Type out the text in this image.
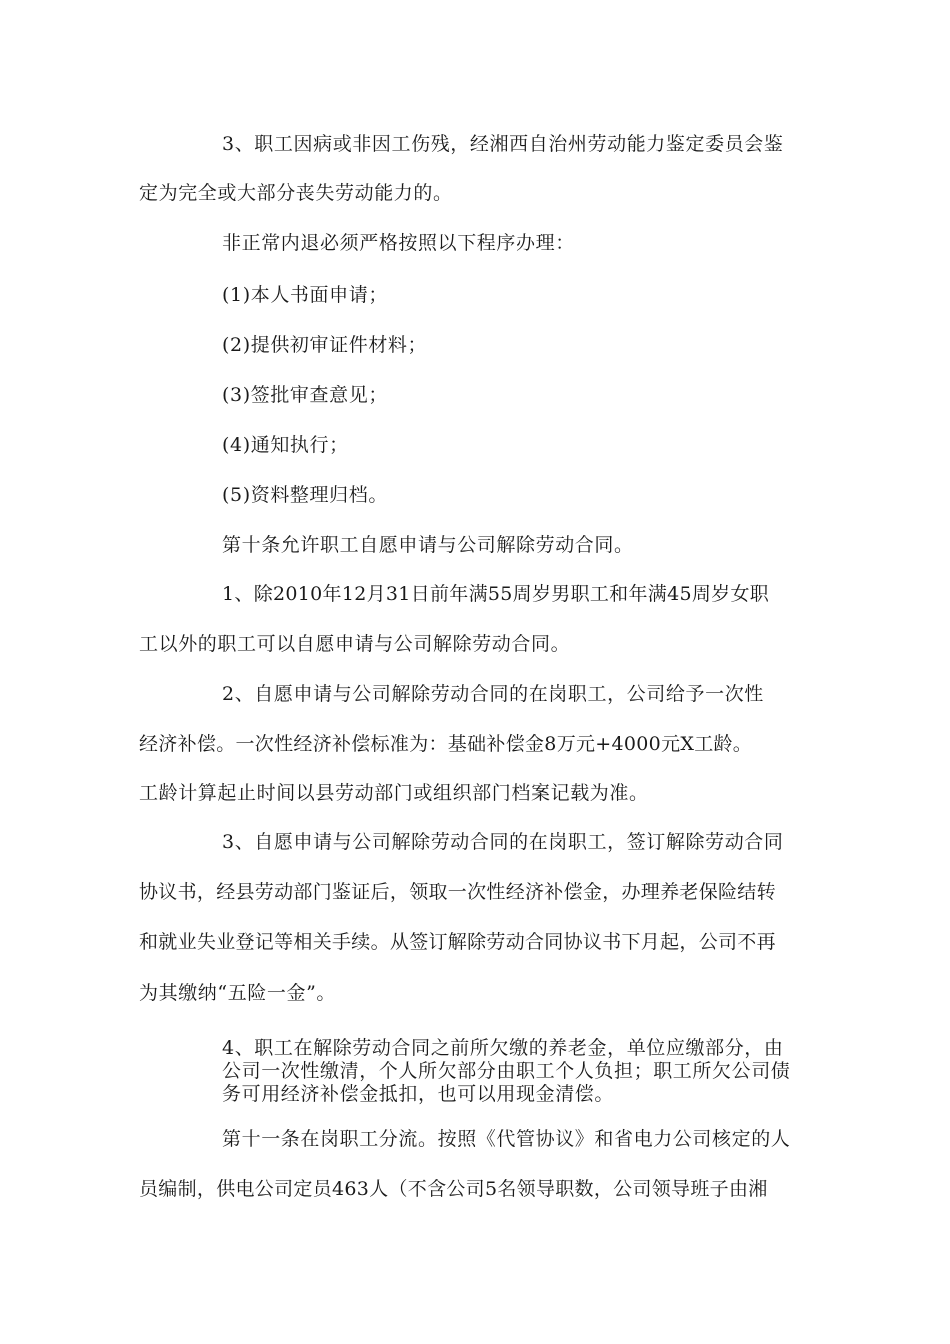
3、职工因病或非因工伤残，经湘西自治州劳动能力鉴定委员会鉴
定为完全或大部分丧失劳动能力的。
非正常内退必须严格按照以下程序办理：
(1)本人书面申请；
(2)提供初审证件材料；
(3)签批审查意见；
(4)通知执行；
(5)资料整理归档。
第十条允许职工自愿申请与公司解除劳动合同。
1、除2010年12月31日前年满55周岁男职工和年满45周岁女职
工以外的职工可以自愿申请与公司解除劳动合同。
2、自愿申请与公司解除劳动合同的在岗职工，公司给予一次性
经济补偿。一次性经济补偿标准为：基础补偿金8万元+4000元X工龄。
工龄计算起止时间以县劳动部门或组织部门档案记载为准。
3、自愿申请与公司解除劳动合同的在岗职工，签订解除劳动合同
协议书，经县劳动部门鉴证后，领取一次性经济补偿金，办理养老保险结转
和就业失业登记等相关手续。从签订解除劳动合同协议书下月起，公司不再
为其缴纳“五险一金”。
4、职工在解除劳动合同之前所欠缴的养老金，单位应缴部分，由
公司一次性缴清，个人所欠部分由职工个人负担；职工所欠公司债
务可用经济补偿金抵扣，也可以用现金清偿。
第十一条在岗职工分流。按照《代管协议》和省电力公司核定的人
员编制，供电公司定员463人（不含公司5名领导职数，公司领导班子由湘
